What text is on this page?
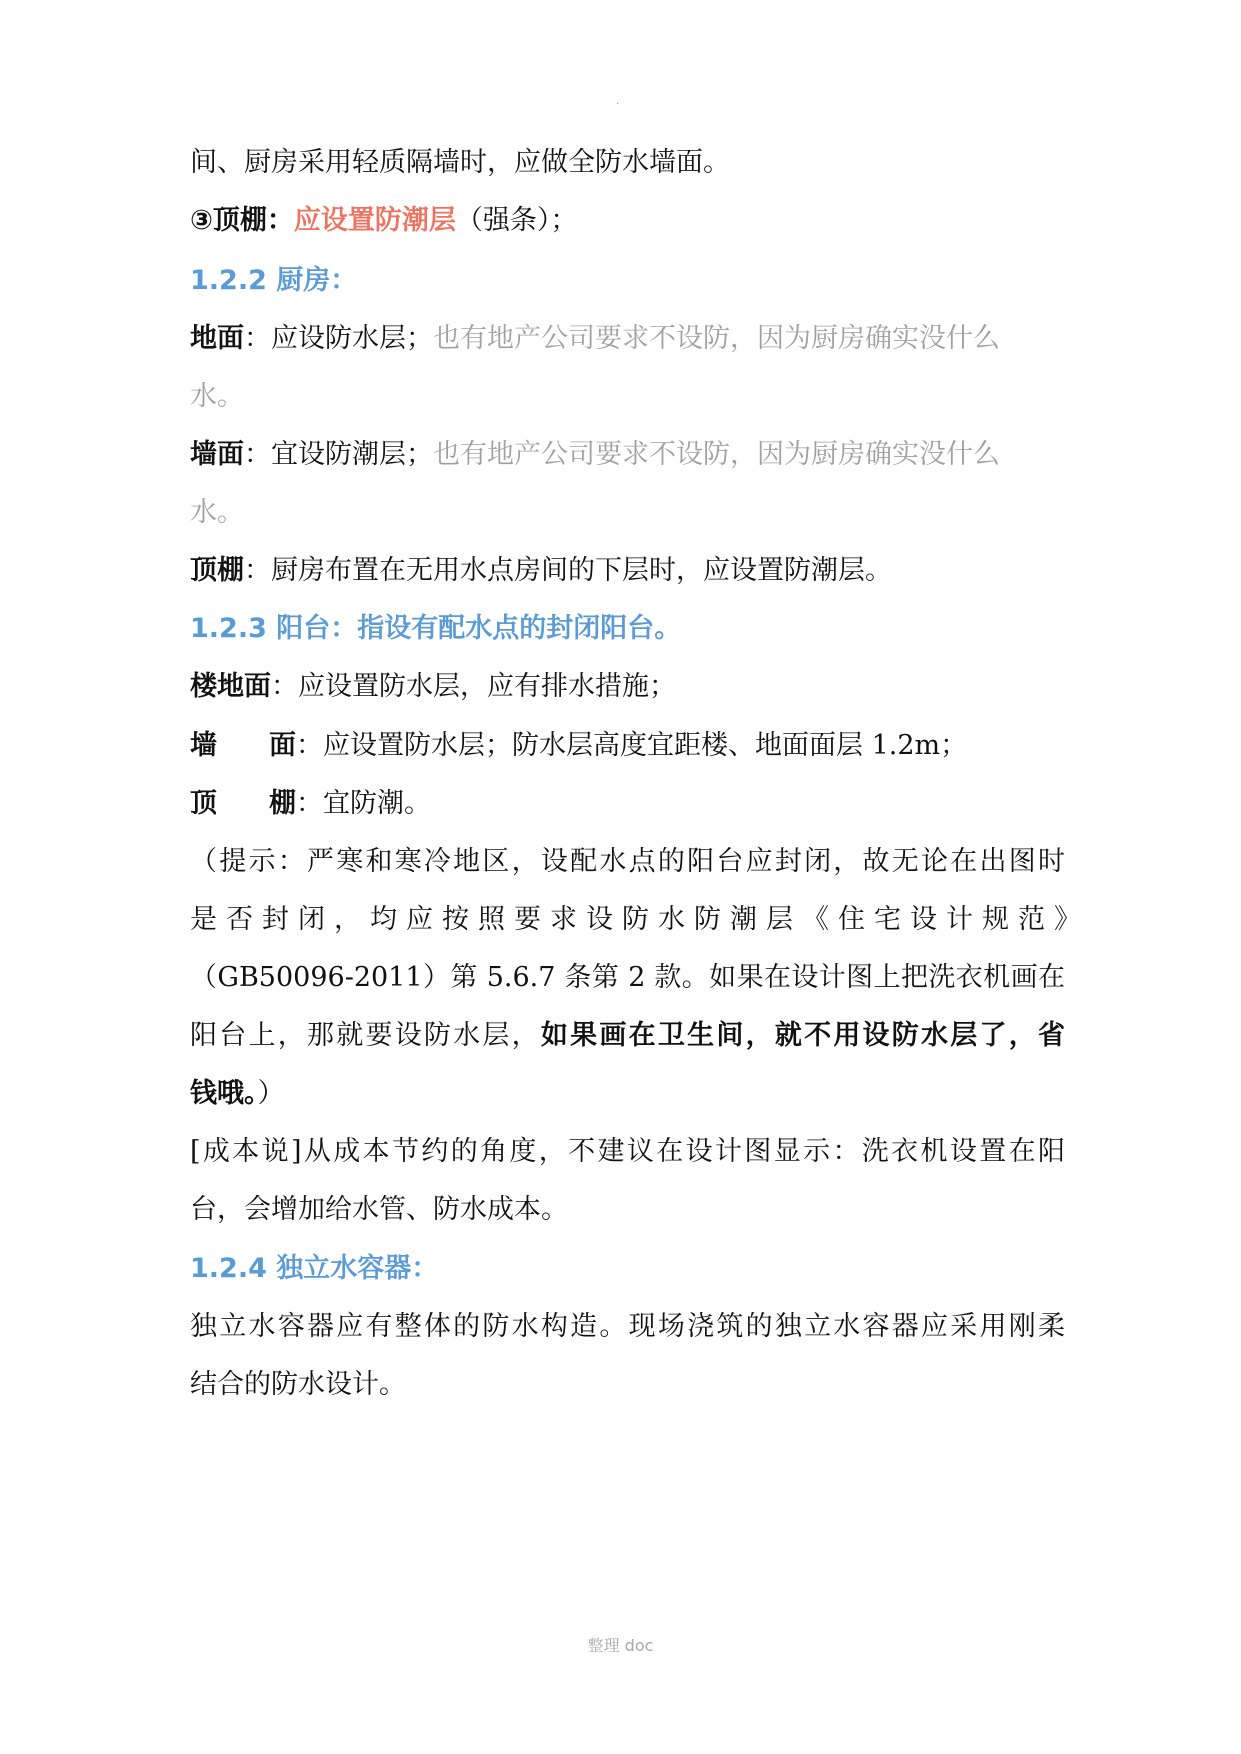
.
间、厨房采用轻质隔墙时，应做全防水墙面。
③顶棚：应设置防潮层（强条）；
1.2.2 厨房：
地面：应设防水层；也有地产公司要求不设防，因为厨房确实没什么
水。
墙面：宜设防潮层；也有地产公司要求不设防，因为厨房确实没什么
水。
顶棚：厨房布置在无用水点房间的下层时，应设置防潮层。
1.2.3 阳台：指设有配水点的封闭阳台。
楼地面：应设置防水层，应有排水措施；
墙 面：应设置防水层；防水层高度宜距楼、地面面层 1.2m；
顶 棚：宜防潮。
（提示：严寒和寒冷地区，设配水点的阳台应封闭，故无论在出图时
是否封闭，均应按照要求设防水防潮层《住宅设计规范》
（GB50096-2011）第 5.6.7 条第 2 款。如果在设计图上把洗衣机画在
阳台上，那就要设防水层，如果画在卫生间，就不用设防水层了，省
钱哦。）
[成本说]从成本节约的角度，不建议在设计图显示：洗衣机设置在阳
台，会增加给水管、防水成本。
1.2.4 独立水容器：
独立水容器应有整体的防水构造。现场浇筑的独立水容器应采用刚柔
结合的防水设计。
整理 doc
